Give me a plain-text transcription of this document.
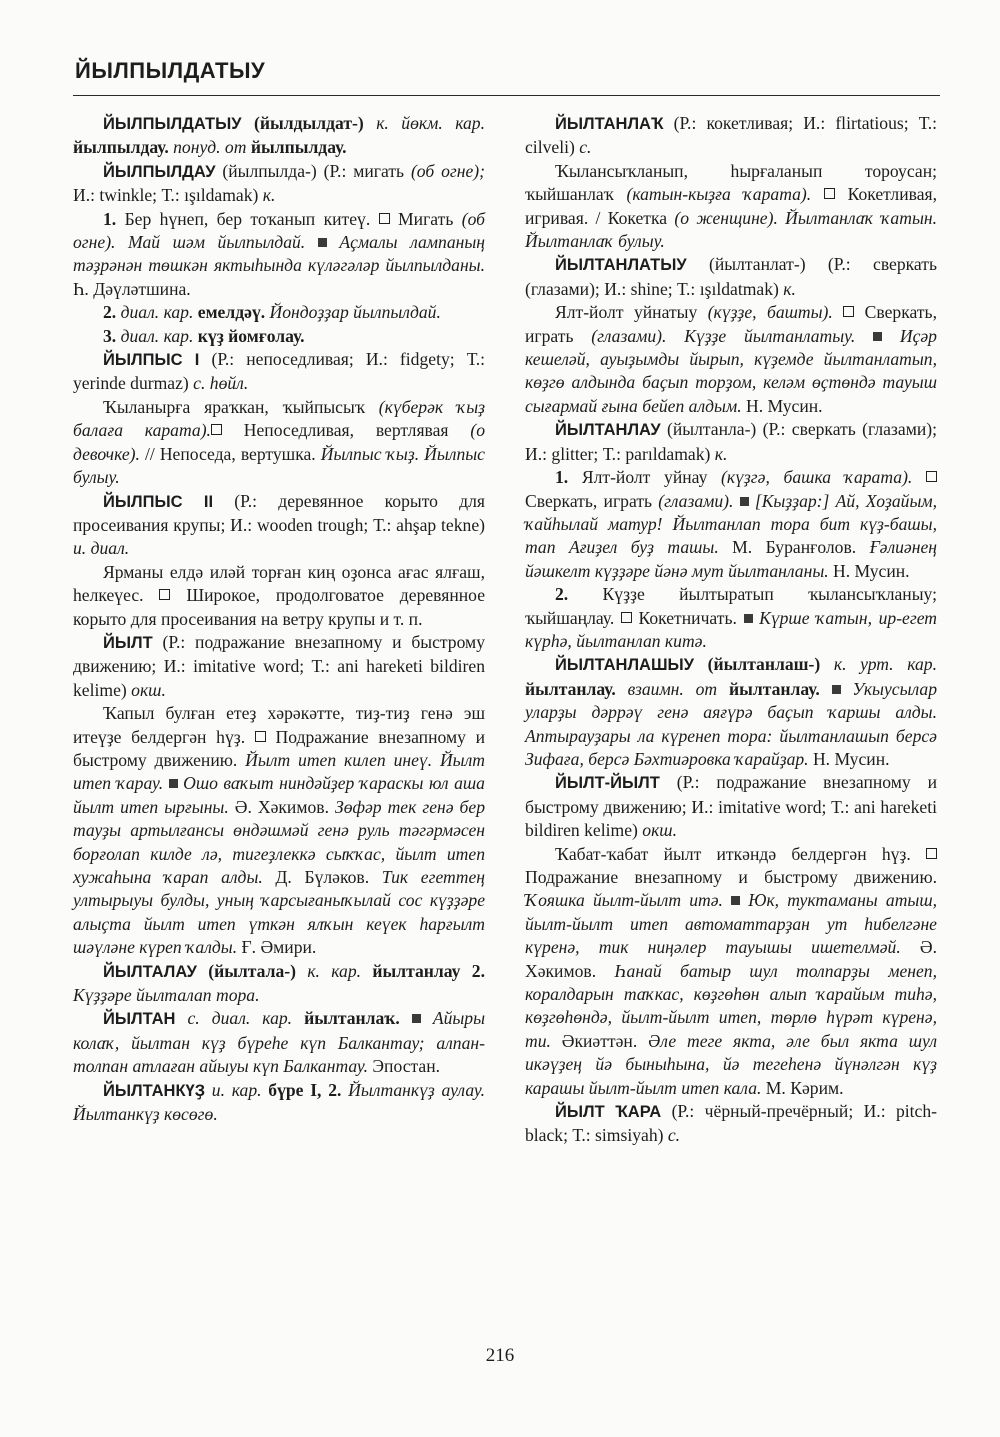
ЙЫЛПЫЛДАТЫУ

ЙЫЛПЫЛДАТЫУ (йылдылдат-) к. йөкм. кар. йылпылдау. понуд. от йылпылдау.

ЙЫЛПЫЛДАУ (йылпылда-) (Р.: мигать (об огне); И.: twinkle; Т.: ışıldamak) к.

1. Бер һүнеп, бер тоҡанып китеү.  Мигать (об огне). Май шәм йылпылдай.  Аҫмалы лампаның тәҙрәнән төшкән яктыһында күләгәләр йылпылданы. Һ. Дәүләтшина.

2. диал. кар. емелдәү. Йондоҙҙар йылпылдай.

3. диал. кар. күҙ йомғолау.

ЙЫЛПЫС I (Р.: непоседливая; И.: fidgety; Т.: yerinde durmaz) с. һөйл.

Ҡыланырға яраҡкан, ҡыйпысыҡ (күберәк ҡыҙ балаға карата). Непоседливая, вертлявая (о девочке). // Непоседа, вертушка. Йылпыс ҡыҙ. Йылпыс булыу.

ЙЫЛПЫС II (Р.: деревянное корыто для просеивания крупы; И.: wooden trough; Т.: ahşap tekne) и. диал.

Ярманы елдә иләй торған киң оҙонса ағас ялғаш, һелкеүес.  Широкое, продолговатое деревянное корыто для просеивания на ветру крупы и т. п.

ЙЫЛТ (Р.: подражание внезапному и быстрому движению; И.: imitative word; Т.: ani hareketi bildiren kelime) окш.

Ҡапыл булған етеҙ хәрәкәтте, тиҙ-тиҙ генә эш итеүҙе белдергән һүҙ.  Подражание внезапному и быстрому движению. Йылт итеп килеп инеү. Йылт итеп ҡарау.  Ошо ваҡыт ниндәйҙер ҡараскы юл аша йылт итеп ырғыны. Ә. Хәкимов. Зөфәр тек генә бер тауҙы артылғансы өндәшмәй генә руль тәгәрмәсен борғолап килде лә, тигеҙлеккә сыҡҡас, йылт итеп хужаһына ҡарап алды. Д. Бүләков. Тик егеттең ултырыуы булды, уның ҡарсығаныҡылай сос күҙҙәре алыҫта йылт итеп үткән ялҡын кеүек һарғылт шәүләне күреп ҡалды. Ғ. Әмири.

ЙЫЛТАЛАУ (йылтала-) к. кар. йылтанлау 2. Күҙҙәре йылталап тора.

ЙЫЛТАН с. диал. кар. йылтанлаҡ.  Айыры колаҡ, йылтан күҙ бүреһе күп Балкантау; алпан-толпан атлаған айыуы күп Балкантау. Эпостан.

ЙЫЛТАНКҮҘ и. кар. бүре I, 2. Йылтанкүҙ аулау. Йылтанкүҙ көсөгө.

ЙЫЛТАНЛАҠ (Р.: кокетливая; И.: flirtatious; Т.: cilveli) с.

Ҡылансыҡланып, һырғаланып тороусан; ҡыйшанлаҡ (катын-кыҙға ҡарата).  Кокетливая, игривая. / Кокетка (о женщине). Йылтанлаҡ ҡатын. Йылтанлаҡ булыу.

ЙЫЛТАНЛАТЫУ (йылтанлат-) (Р.: сверкать (глазами); И.: shine; Т.: ışıldatmak) к.

Ялт-йолт уйнатыу (күҙҙе, башты).  Сверкать, играть (глазами). Күҙҙе йылтанлатыу.  Иҫәр кешеләй, ауыҙымды йырып, күҙемде йылтанлатып, көҙгө алдында баҫып торҙом, келәм өҫтөндә тауыш сығармай ғына бейеп алдым. Н. Мусин.

ЙЫЛТАНЛАУ (йылтанла-) (Р.: сверкать (глазами); И.: glitter; Т.: parıldamak) к.

1. Ялт-йолт уйнау (күҙгә, башка ҡарата).  Сверкать, играть (глазами).  [Кыҙҙар:] Ай, Хоҙайым, ҡайһылай матур! Йылтанлап тора бит күҙ-башы, тап Ағиҙел буҙ ташы. М. Буранғолов. Ғәлиәнең йәшкелт күҙҙәре йәнә мут йылтанланы. Н. Мусин.

2. Күҙҙе йылтыратып ҡылансыҡланыу; ҡыйшаңлау.  Кокетничать.  Күрше ҡатын, ир-егет күрһә, йылтанлап китә.

ЙЫЛТАНЛАШЫУ (йылтанлаш-) к. урт. кар. йылтанлау. взаимн. от йылтанлау.  Укыусылар уларҙы дәррәү генә аяғүрә баҫып ҡаршы алды. Аптырауҙары ла күренеп тора: йылтанлашып берсә Зифаға, берсә Бәхтиәровка ҡарайҙар. Н. Мусин.

ЙЫЛТ-ЙЫЛТ (Р.: подражание внезапному и быстрому движению; И.: imitative word; Т.: ani hareketi bildiren kelime) окш.

Ҡабат-ҡабат йылт иткәндә белдергән һүҙ.  Подражание внезапному и быстрому движению. Ҡояшка йылт-йылт итә.  Юк, туктаманы атыш, йылт-йылт итеп автоматтарҙан ут һибелгәне күренә, тик ниңәлер тауышы ишетелмәй. Ә. Хәкимов. Һанай батыр шул толпарҙы менеп, коралдарын таҡкас, көҙгөһөн алып ҡарайым тиһә, көҙгөһөндә, йылт-йылт итеп, төрлө һүрәт күренә, ти. Әкиәттән. Әле теге якта, әле был якта шул икәүҙең йә быныһына, йә тегеһенә йүнәлгән күҙ карашы йылт-йылт итеп кала. М. Кәрим.

ЙЫЛТ ҠАРА (Р.: чёрный-пречёрный; И.: pitch-black; Т.: simsiyah) с.

216
